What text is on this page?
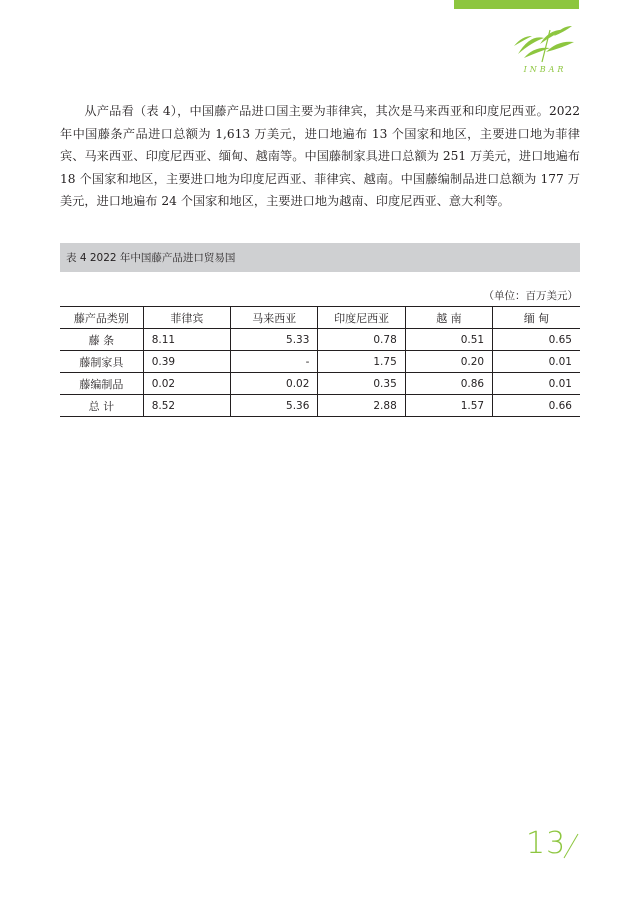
INBAR

从产品看（表 4），中国藤产品进口国主要为菲律宾，其次是马来西亚和印度尼西亚。2022 年中国藤条产品进口总额为 1,613 万美元，进口地遍布 13 个国家和地区，主要进口地为菲律宾、马来西亚、印度尼西亚、缅甸、越南等。中国藤制家具进口总额为 251 万美元，进口地遍布 18 个国家和地区，主要进口地为印度尼西亚、菲律宾、越南。中国藤编制品进口总额为 177 万美元，进口地遍布 24 个国家和地区，主要进口地为越南、印度尼西亚、意大利等。

表 4 2022 年中国藤产品进口贸易国
（单位：百万美元）
藤产品类别	菲律宾	马来西亚	印度尼西亚	越 南	缅 甸
藤 条	8.11	5.33	0.78	0.51	0.65
藤制家具	0.39	-	1.75	0.20	0.01
藤编制品	0.02	0.02	0.35	0.86	0.01
总 计	8.52	5.36	2.88	1.57	0.66
13
